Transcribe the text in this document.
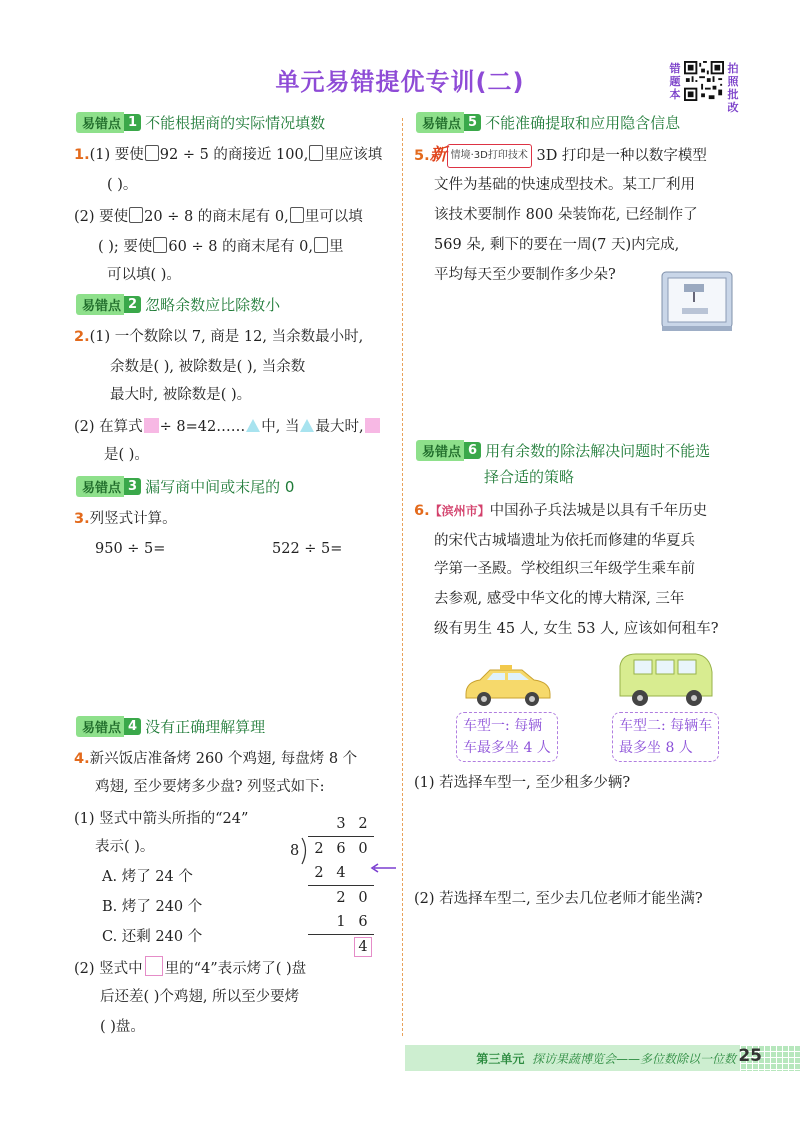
单元易错提优专训(二)	错题本
拍照批改
易错点 1 不能根据商的实际情况填数
1.(1) 要使 92 ÷ 5 的商接近 100, 里应该填
( )。
(2) 要使 20 ÷ 8 的商末尾有 0, 里可以填
( ); 要使 60 ÷ 8 的商末尾有 0, 里
可以填( )。
易错点 2 忽略余数应比除数小
2.(1) 一个数除以 7, 商是 12, 当余数最小时,
余数是( ), 被除数是( ), 当余数
最大时, 被除数是( )。
(2) 在算式 ÷ 8=42…… 中, 当 最大时,
是( )。
易错点 3 漏写商中间或末尾的 0
3.列竖式计算。
950 ÷ 5=	522 ÷ 5=
易错点 4 没有正确理解算理
4.新兴饭店准备烤 260 个鸡翅, 每盘烤 8 个
鸡翅, 至少要烤多少盘? 列竖式如下:
(1) 竖式中箭头所指的“24”
表示( )。
A. 烤了 24 个
B. 烤了 240 个
C. 还剩 240 个
	3	2
2	6	0
2	4	
	2	0
	1	6
		4
8
(2) 竖式中 里的“4”表示烤了( )盘
后还差( )个鸡翅, 所以至少要烤
( )盘。
易错点 5 不能准确提取和应用隐含信息
5.新 情境·3D打印技术 3D 打印是一种以数字模型
文件为基础的快速成型技术。某工厂利用
该技术要制作 800 朵装饰花, 已经制作了
569 朵, 剩下的要在一周(7 天)内完成,
平均每天至少要制作多少朵?
易错点 6 用有余数的除法解决问题时不能选
择合适的策略
6.【滨州市】中国孙子兵法城是以具有千年历史
的宋代古城墙遗址为依托而修建的华夏兵
学第一圣殿。学校组织三年级学生乘车前
去参观, 感受中华文化的博大精深, 三年
级有男生 45 人, 女生 53 人, 应该如何租车?
车型一: 每辆
车最多坐 4 人
车型二: 每辆车
最多坐 8 人
(1) 若选择车型一, 至少租多少辆?
(2) 若选择车型二, 至少去几位老师才能坐满?
第三单元 探访果蔬博览会——多位数除以一位数 25
